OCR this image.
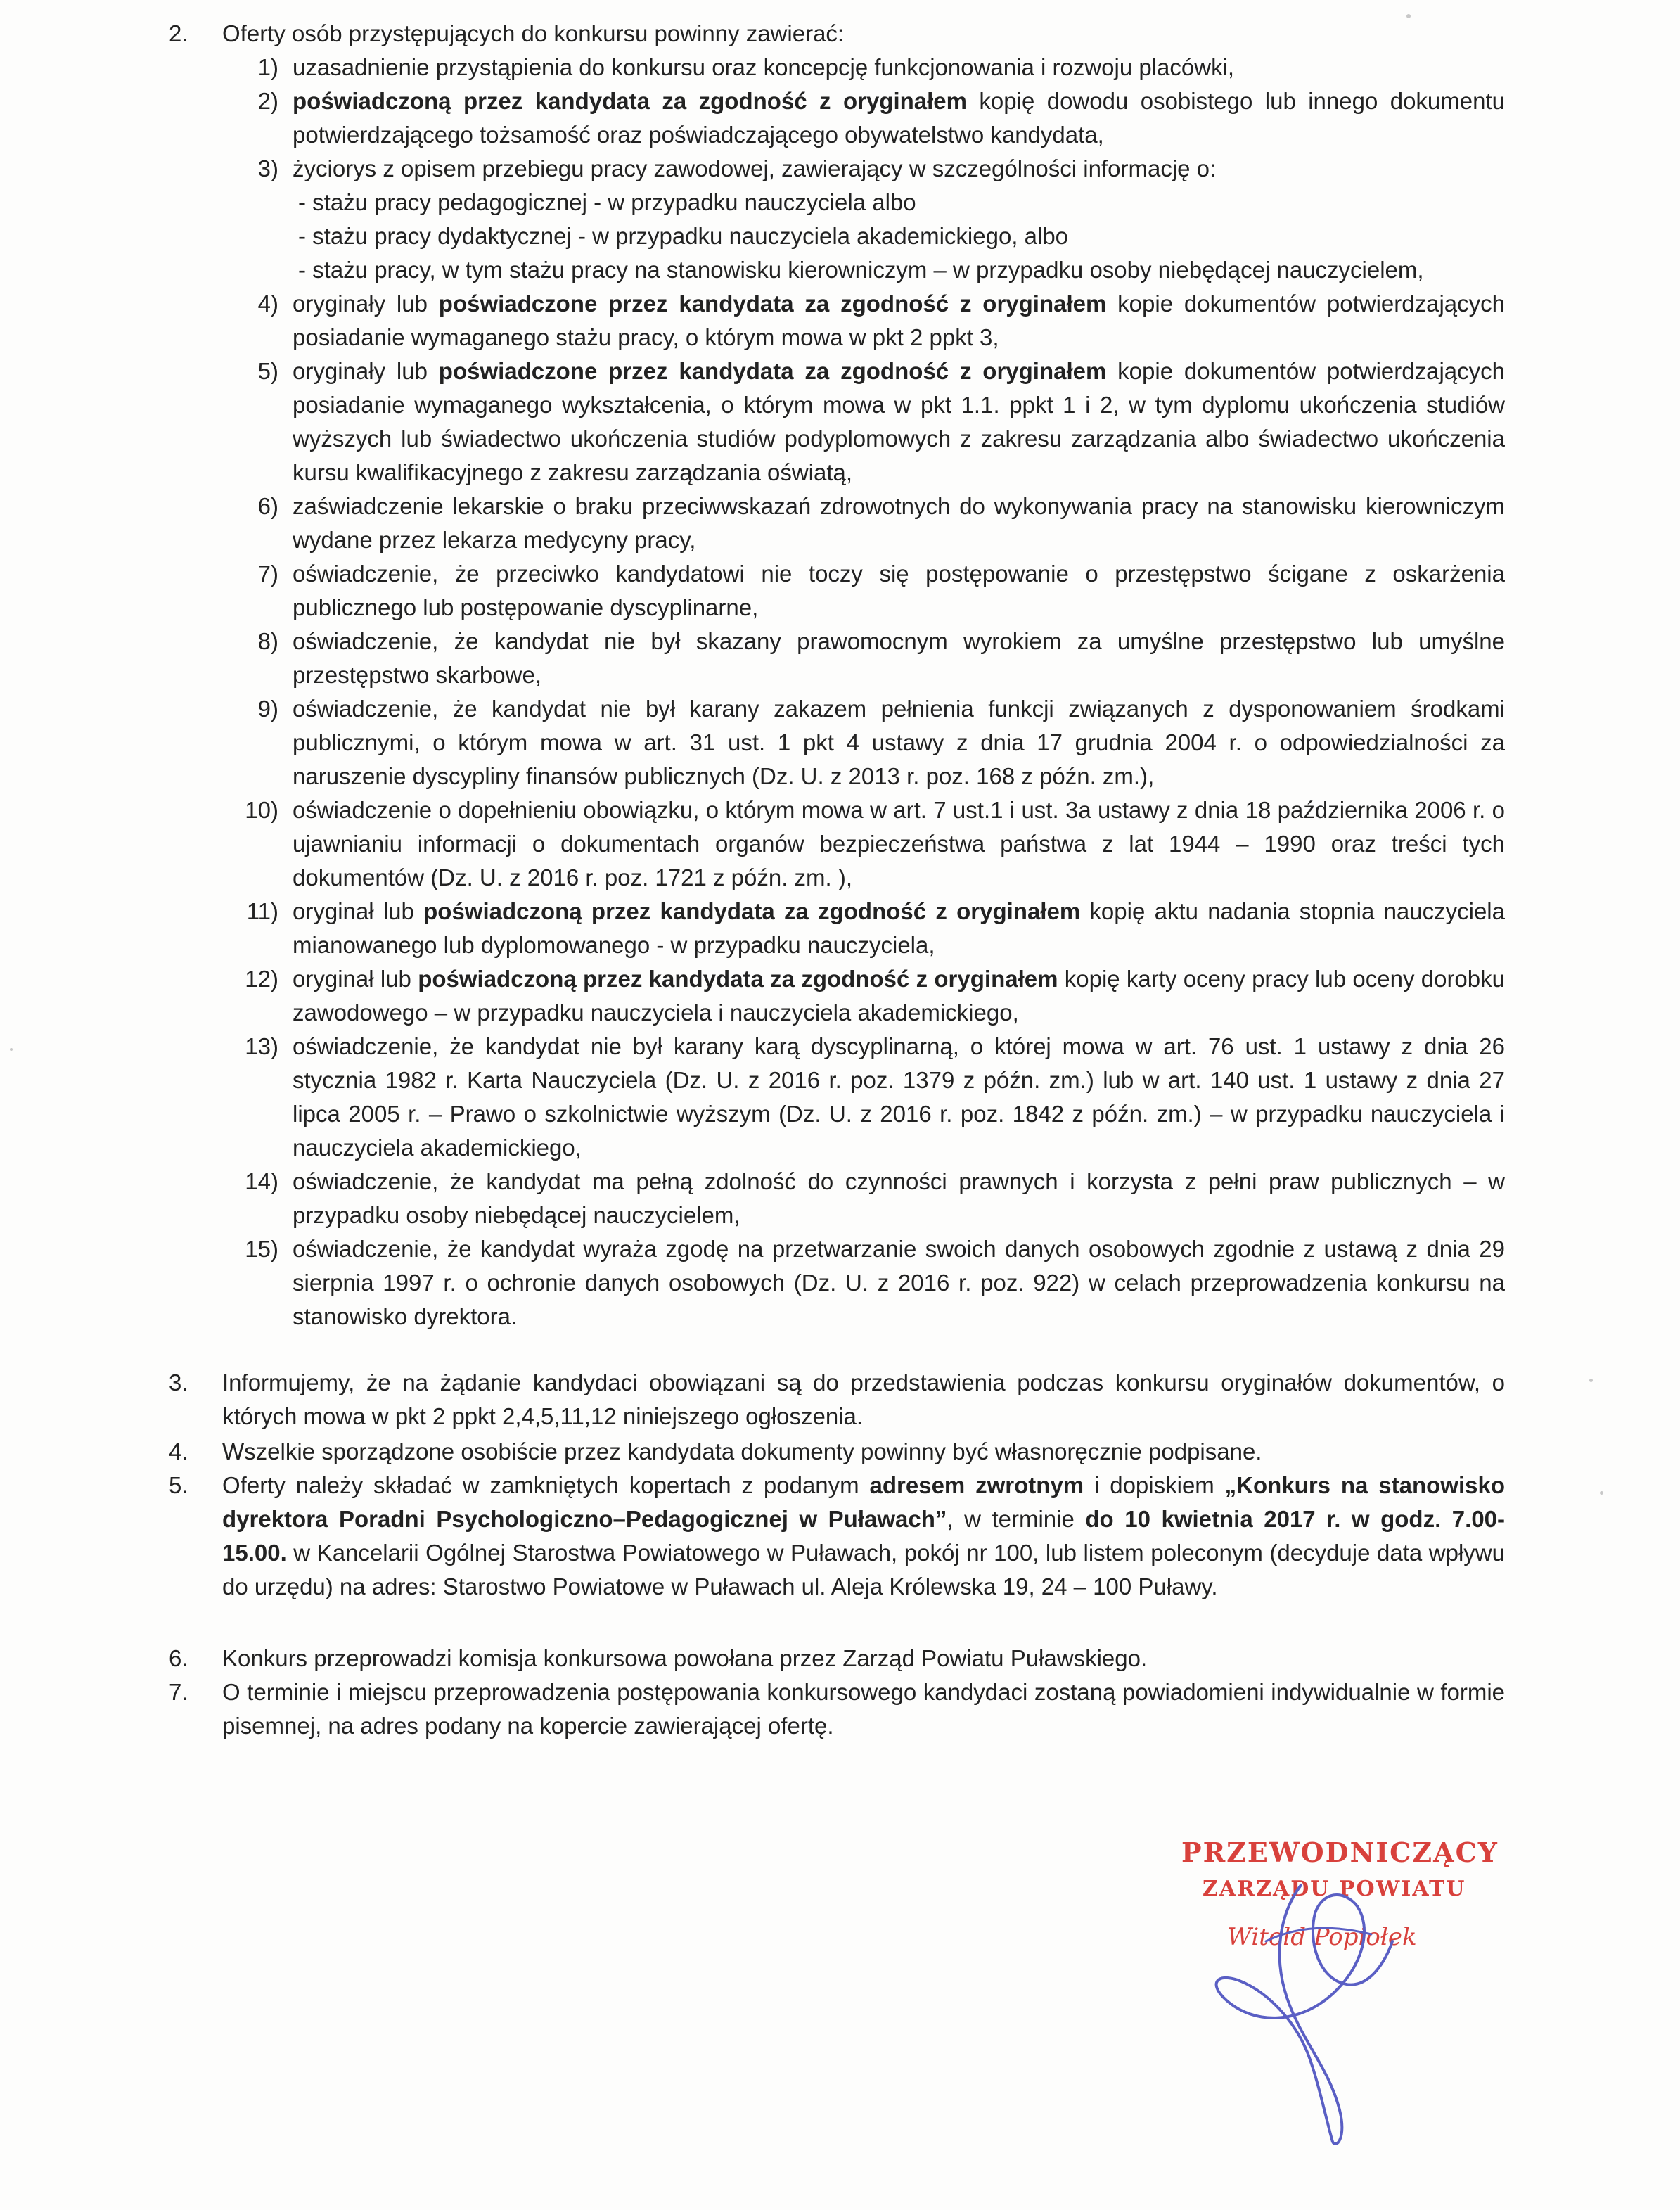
2.	Oferty osób przystępujących do konkursu powinny zawierać:
1) uzasadnienie przystąpienia do konkursu oraz koncepcję funkcjonowania i rozwoju placówki,
2) poświadczoną przez kandydata za zgodność z oryginałem kopię dowodu osobistego lub innego dokumentu potwierdzającego tożsamość oraz poświadczającego obywatelstwo kandydata,
3) życiorys z opisem przebiegu pracy zawodowej, zawierający w szczególności informację o:
- stażu pracy pedagogicznej - w przypadku nauczyciela albo
- stażu pracy dydaktycznej - w przypadku nauczyciela akademickiego, albo
- stażu pracy, w tym stażu pracy na stanowisku kierowniczym – w przypadku osoby niebędącej nauczycielem,
4) oryginały lub poświadczone przez kandydata za zgodność z oryginałem kopie dokumentów potwierdzających posiadanie wymaganego stażu pracy, o którym mowa w pkt 2 ppkt 3,
5) oryginały lub poświadczone przez kandydata za zgodność z oryginałem kopie dokumentów potwierdzających posiadanie wymaganego wykształcenia, o którym mowa w pkt 1.1. ppkt 1 i 2, w tym dyplomu ukończenia studiów wyższych lub świadectwo ukończenia studiów podyplomowych z zakresu zarządzania albo świadectwo ukończenia kursu kwalifikacyjnego z zakresu zarządzania oświatą,
6) zaświadczenie lekarskie o braku przeciwwskazań zdrowotnych do wykonywania pracy na stanowisku kierowniczym wydane przez lekarza medycyny pracy,
7) oświadczenie, że przeciwko kandydatowi nie toczy się postępowanie o przestępstwo ścigane z oskarżenia publicznego lub postępowanie dyscyplinarne,
8) oświadczenie, że kandydat nie był skazany prawomocnym wyrokiem za umyślne przestępstwo lub umyślne przestępstwo skarbowe,
9) oświadczenie, że kandydat nie był karany zakazem pełnienia funkcji związanych z dysponowaniem środkami publicznymi, o którym mowa w art. 31 ust. 1 pkt 4 ustawy z dnia 17 grudnia 2004 r. o odpowiedzialności za naruszenie dyscypliny finansów publicznych (Dz. U. z 2013 r. poz. 168 z późn. zm.),
10) oświadczenie o dopełnieniu obowiązku, o którym mowa w art. 7 ust.1 i ust. 3a ustawy z dnia 18 października 2006 r. o ujawnianiu informacji o dokumentach organów bezpieczeństwa państwa z lat 1944 – 1990 oraz treści tych dokumentów (Dz. U. z 2016 r. poz. 1721 z późn. zm. ),
11) oryginał lub poświadczoną przez kandydata za zgodność z oryginałem kopię aktu nadania stopnia nauczyciela mianowanego lub dyplomowanego - w przypadku nauczyciela,
12) oryginał lub poświadczoną przez kandydata za zgodność z oryginałem kopię karty oceny pracy lub oceny dorobku zawodowego – w przypadku nauczyciela i nauczyciela akademickiego,
13) oświadczenie, że kandydat nie był karany karą dyscyplinarną, o której mowa w art. 76 ust. 1 ustawy z dnia 26 stycznia 1982 r. Karta Nauczyciela (Dz. U. z 2016 r. poz. 1379 z późn. zm.) lub w art. 140 ust. 1 ustawy z dnia 27 lipca 2005 r. – Prawo o szkolnictwie wyższym (Dz. U. z 2016 r. poz. 1842 z późn. zm.) – w przypadku nauczyciela i nauczyciela akademickiego,
14) oświadczenie, że kandydat ma pełną zdolność do czynności prawnych i korzysta z pełni praw publicznych – w przypadku osoby niebędącej nauczycielem,
15) oświadczenie, że kandydat wyraża zgodę na przetwarzanie swoich danych osobowych zgodnie z ustawą z dnia 29 sierpnia 1997 r. o ochronie danych osobowych (Dz. U. z 2016 r. poz. 922) w celach przeprowadzenia konkursu na stanowisko dyrektora.
3.	Informujemy, że na żądanie kandydaci obowiązani są do przedstawienia podczas konkursu oryginałów dokumentów, o których mowa w pkt 2 ppkt 2,4,5,11,12 niniejszego ogłoszenia.
4.	Wszelkie sporządzone osobiście przez kandydata dokumenty powinny być własnoręcznie podpisane.
5.	Oferty należy składać w zamkniętych kopertach z podanym adresem zwrotnym i dopiskiem „Konkurs na stanowisko dyrektora Poradni Psychologiczno–Pedagogicznej w Puławach”, w terminie do 10 kwietnia 2017 r. w godz. 7.00-15.00. w Kancelarii Ogólnej Starostwa Powiatowego w Puławach, pokój nr 100, lub listem poleconym (decyduje data wpływu do urzędu) na adres: Starostwo Powiatowe w Puławach ul. Aleja Królewska 19, 24 – 100 Puławy.
6.	Konkurs przeprowadzi komisja konkursowa powołana przez Zarząd Powiatu Puławskiego.
7.	O terminie i miejscu przeprowadzenia postępowania konkursowego kandydaci zostaną powiadomieni indywidualnie w formie pisemnej, na adres podany na kopercie zawierającej ofertę.
PRZEWODNICZĄCY
ZARZĄDU POWIATU
Witold Popiołek
